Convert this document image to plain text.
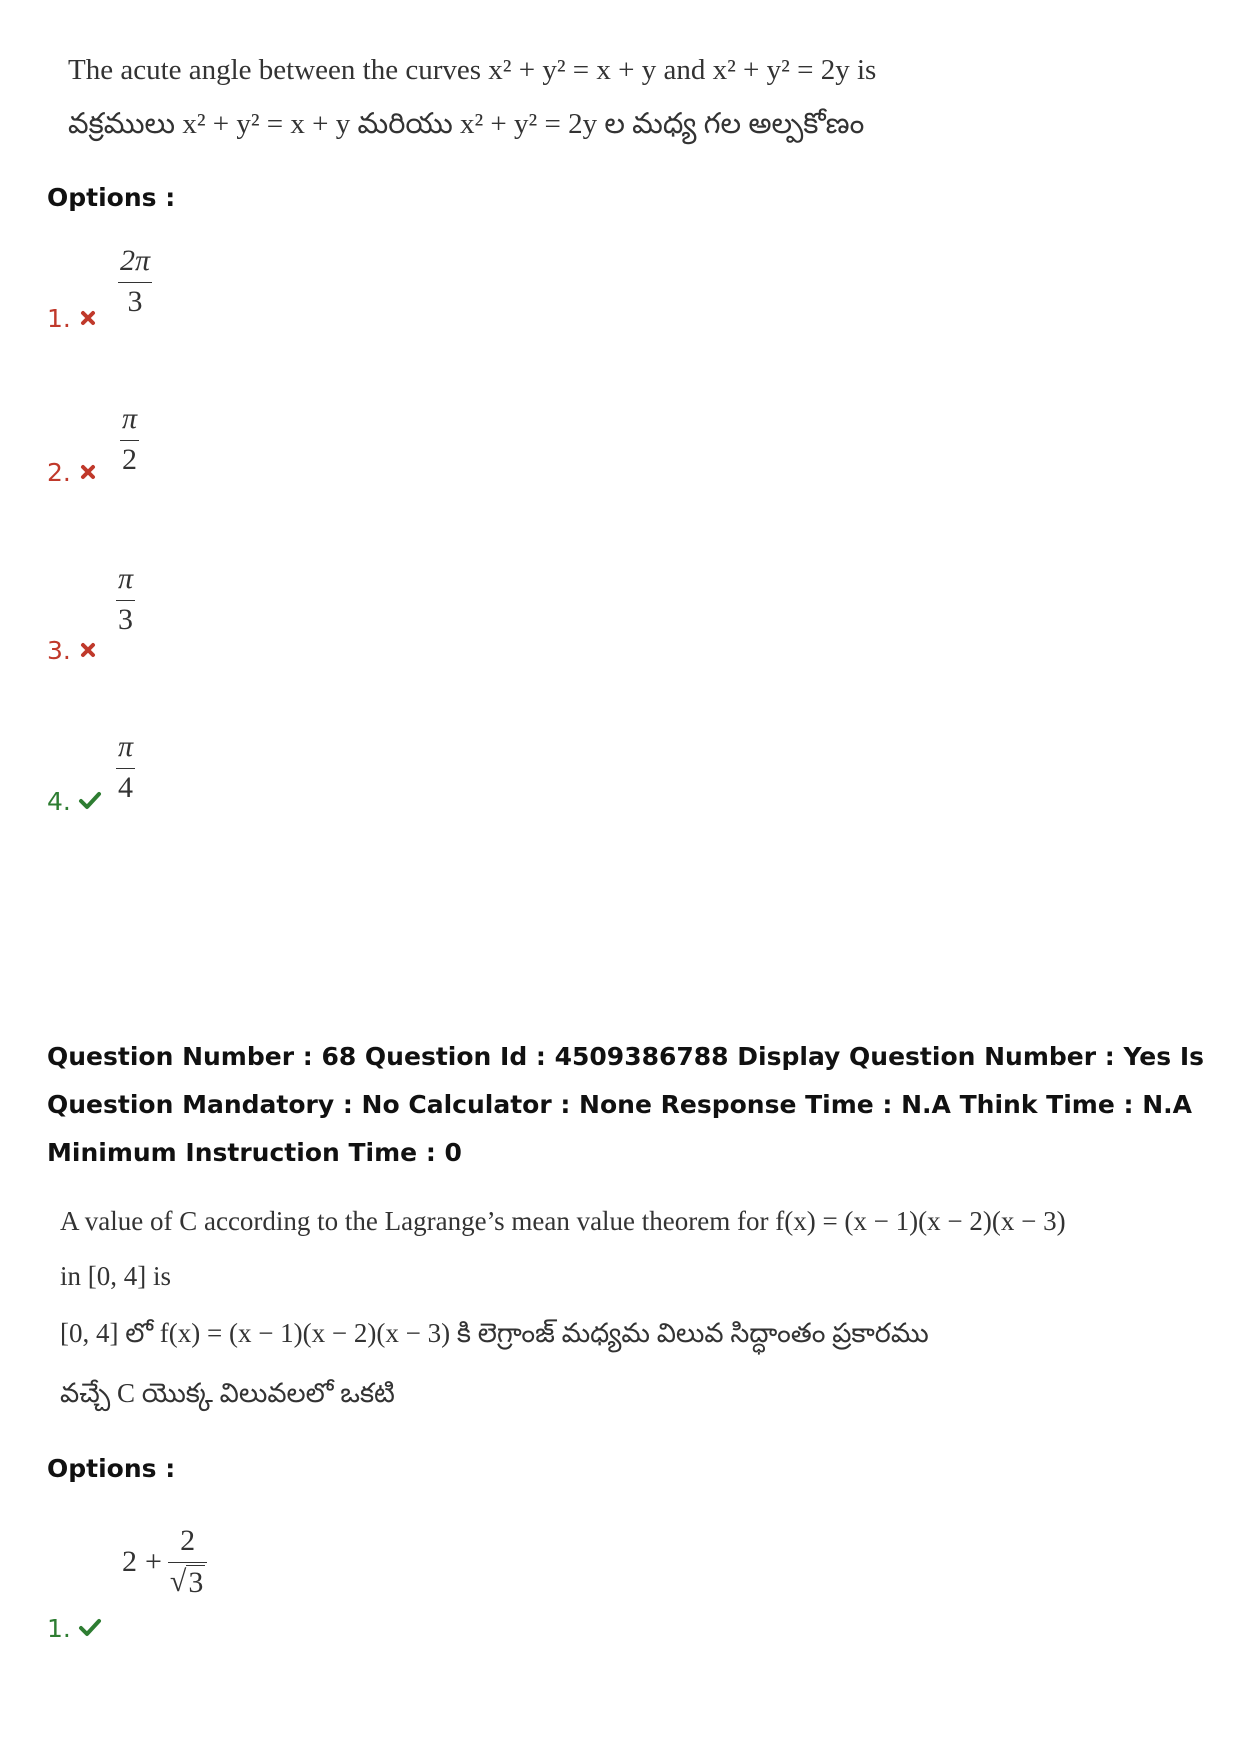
The acute angle between the curves x² + y² = x + y and x² + y² = 2y is
వక్రములు x² + y² = x + y మరియు x² + y² = 2y ల మధ్య గల అల్పకోణం
Options :
2π
3
1.
π
2
2.
π
3
3.
π
4
4.
Question Number : 68 Question Id : 4509386788 Display Question Number : Yes Is Question Mandatory : No Calculator : None Response Time : N.A Think Time : N.A Minimum Instruction Time : 0
A value of C according to the Lagrange’s mean value theorem for f(x) = (x − 1)(x − 2)(x − 3)
in [0, 4] is
[0, 4] లో f(x) = (x − 1)(x − 2)(x − 3) కి లెగ్రాంజ్ మధ్యమ విలువ సిద్ధాంతం ప్రకారము
వచ్చే C యొక్క విలువలలో ఒకటి
Options :
$2 + \frac{2}{√ 3}$
1.
